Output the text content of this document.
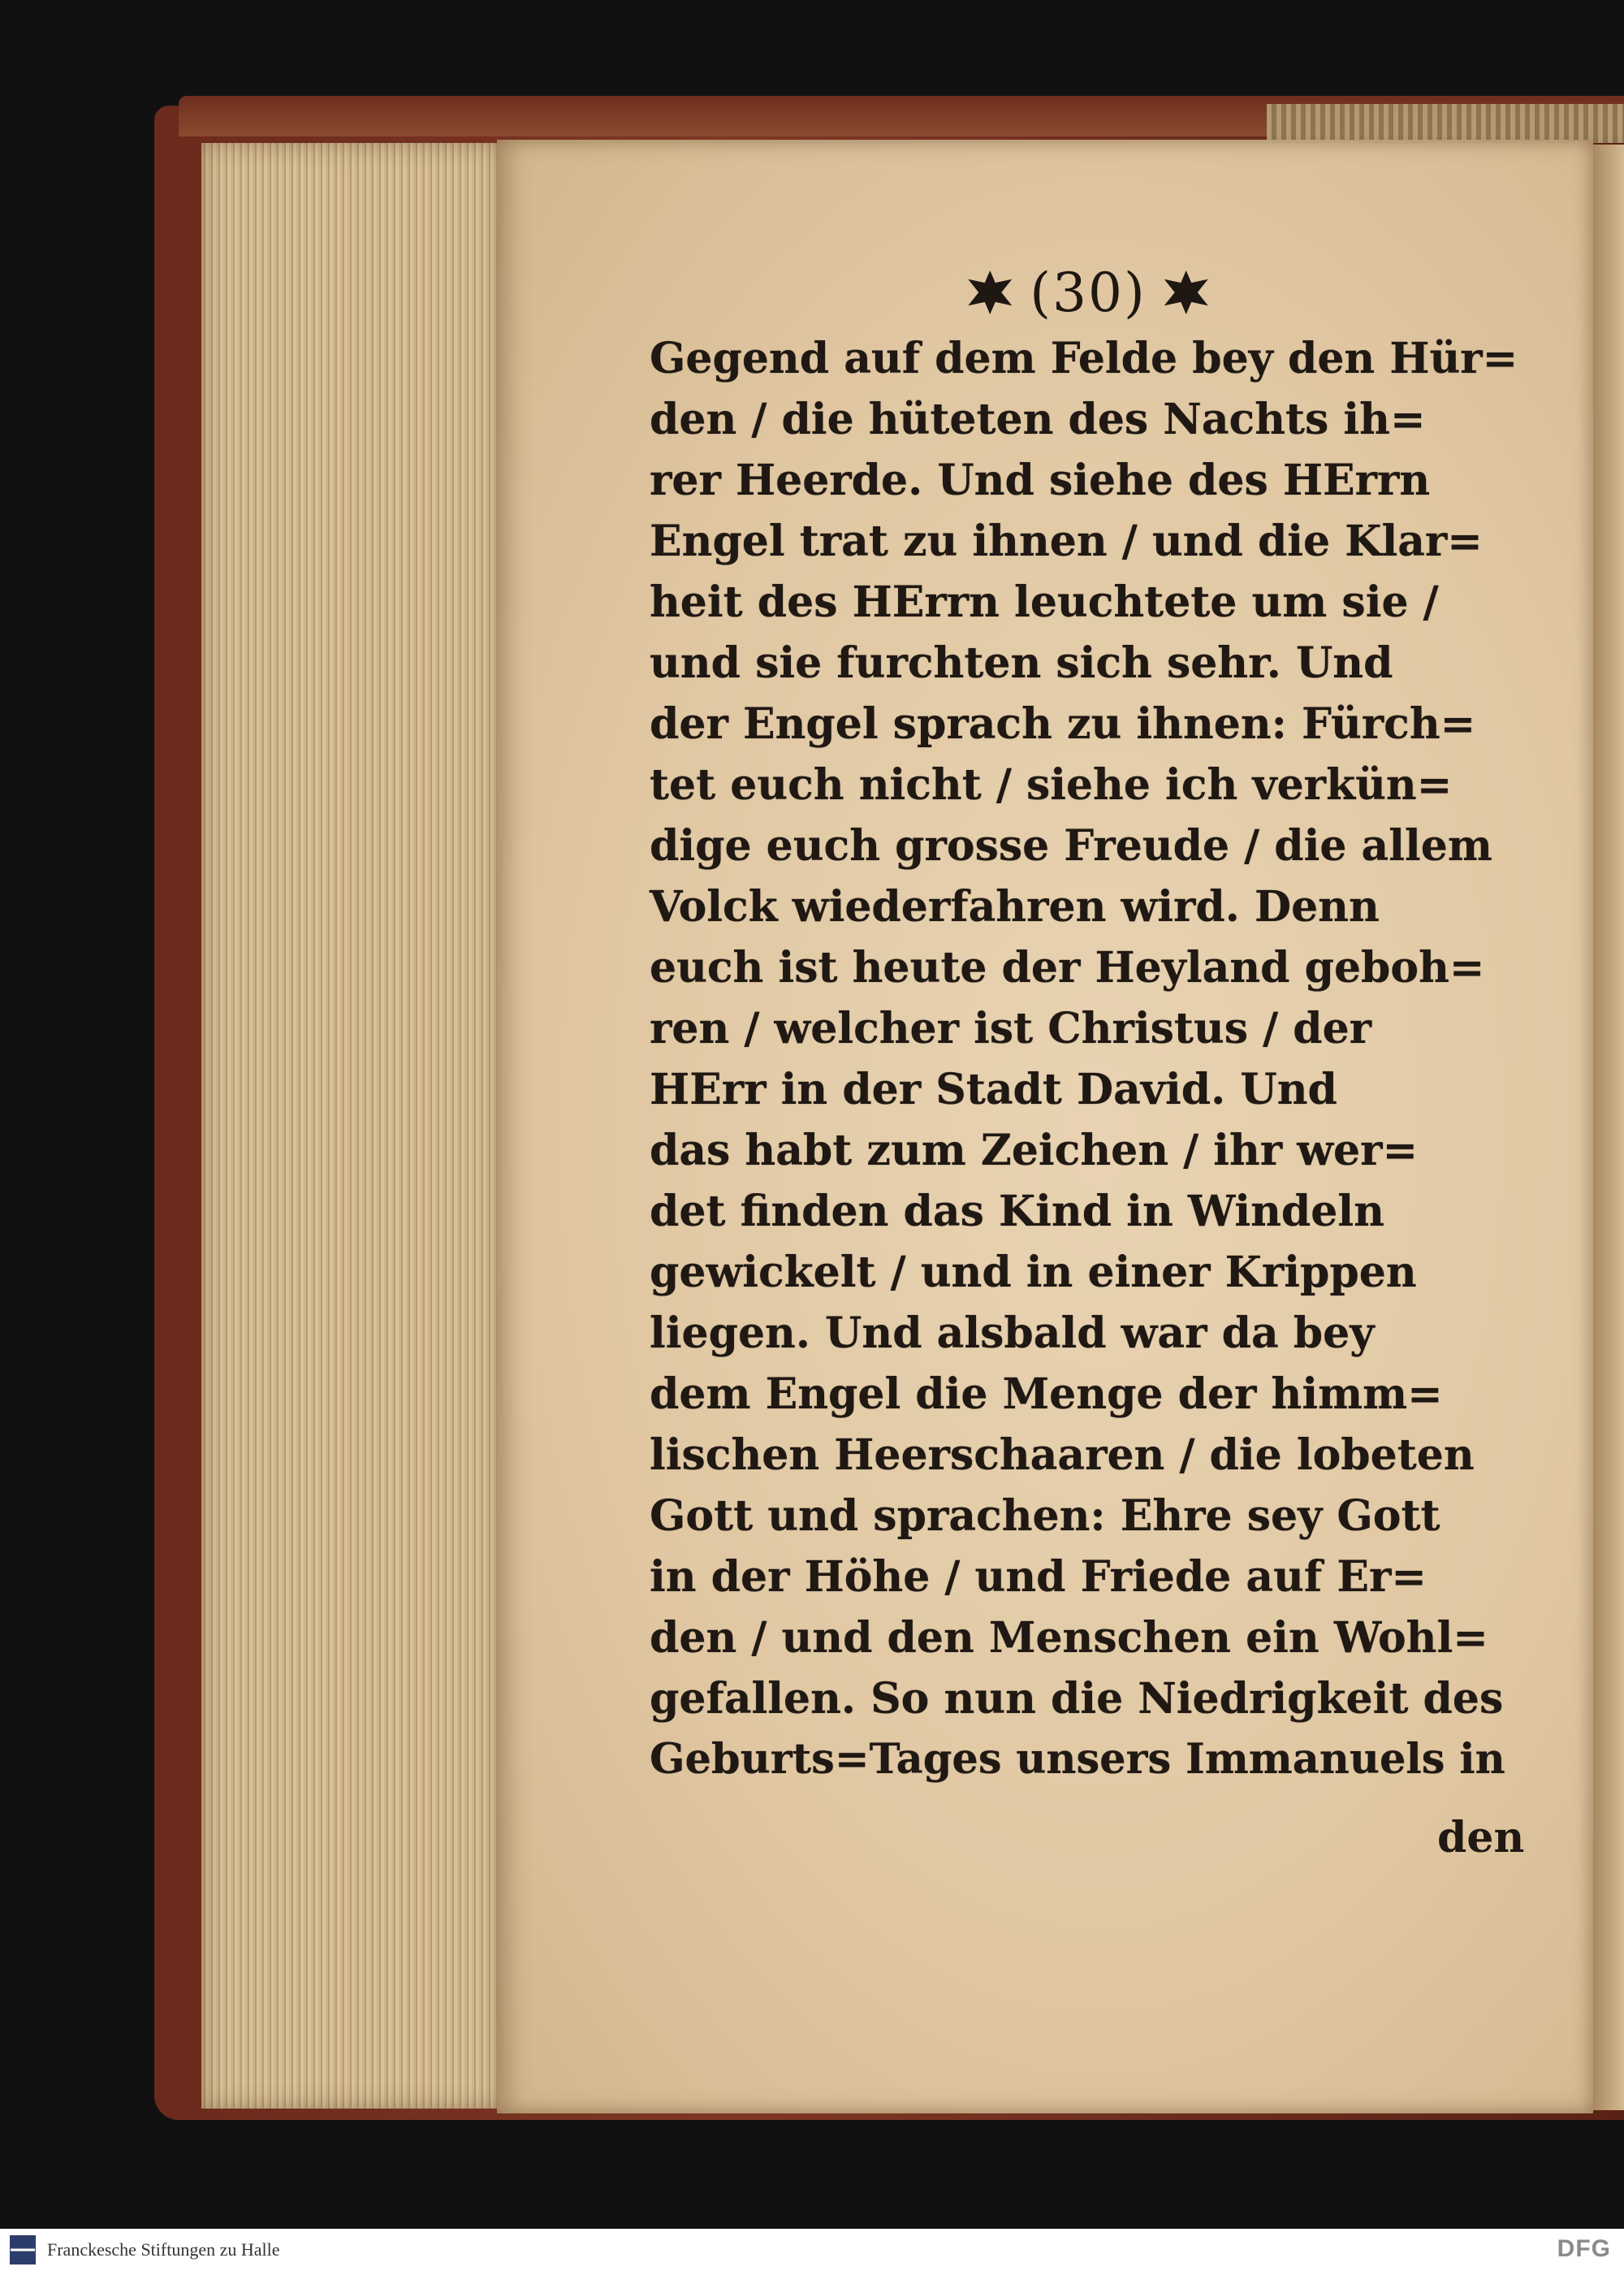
(30)
Gegend auf dem Felde bey den Hür=
den / die hüteten des Nachts ih=
rer Heerde. Und siehe des HErrn
Engel trat zu ihnen / und die Klar=
heit des HErrn leuchtete um sie /
und sie furchten sich sehr. Und
der Engel sprach zu ihnen: Fürch=
tet euch nicht / siehe ich verkün=
dige euch grosse Freude / die allem
Volck wiederfahren wird. Denn
euch ist heute der Heyland geboh=
ren / welcher ist Christus / der
HErr in der Stadt David. Und
das habt zum Zeichen / ihr wer=
det finden das Kind in Windeln
gewickelt / und in einer Krippen
liegen. Und alsbald war da bey
dem Engel die Menge der himm=
lischen Heerschaaren / die lobeten
Gott und sprachen: Ehre sey Gott
in der Höhe / und Friede auf Er=
den / und den Menschen ein Wohl=
gefallen. So nun die Niedrigkeit des
Geburts=Tages unsers Immanuels in
den
Franckesche Stiftungen zu Halle	DFG
